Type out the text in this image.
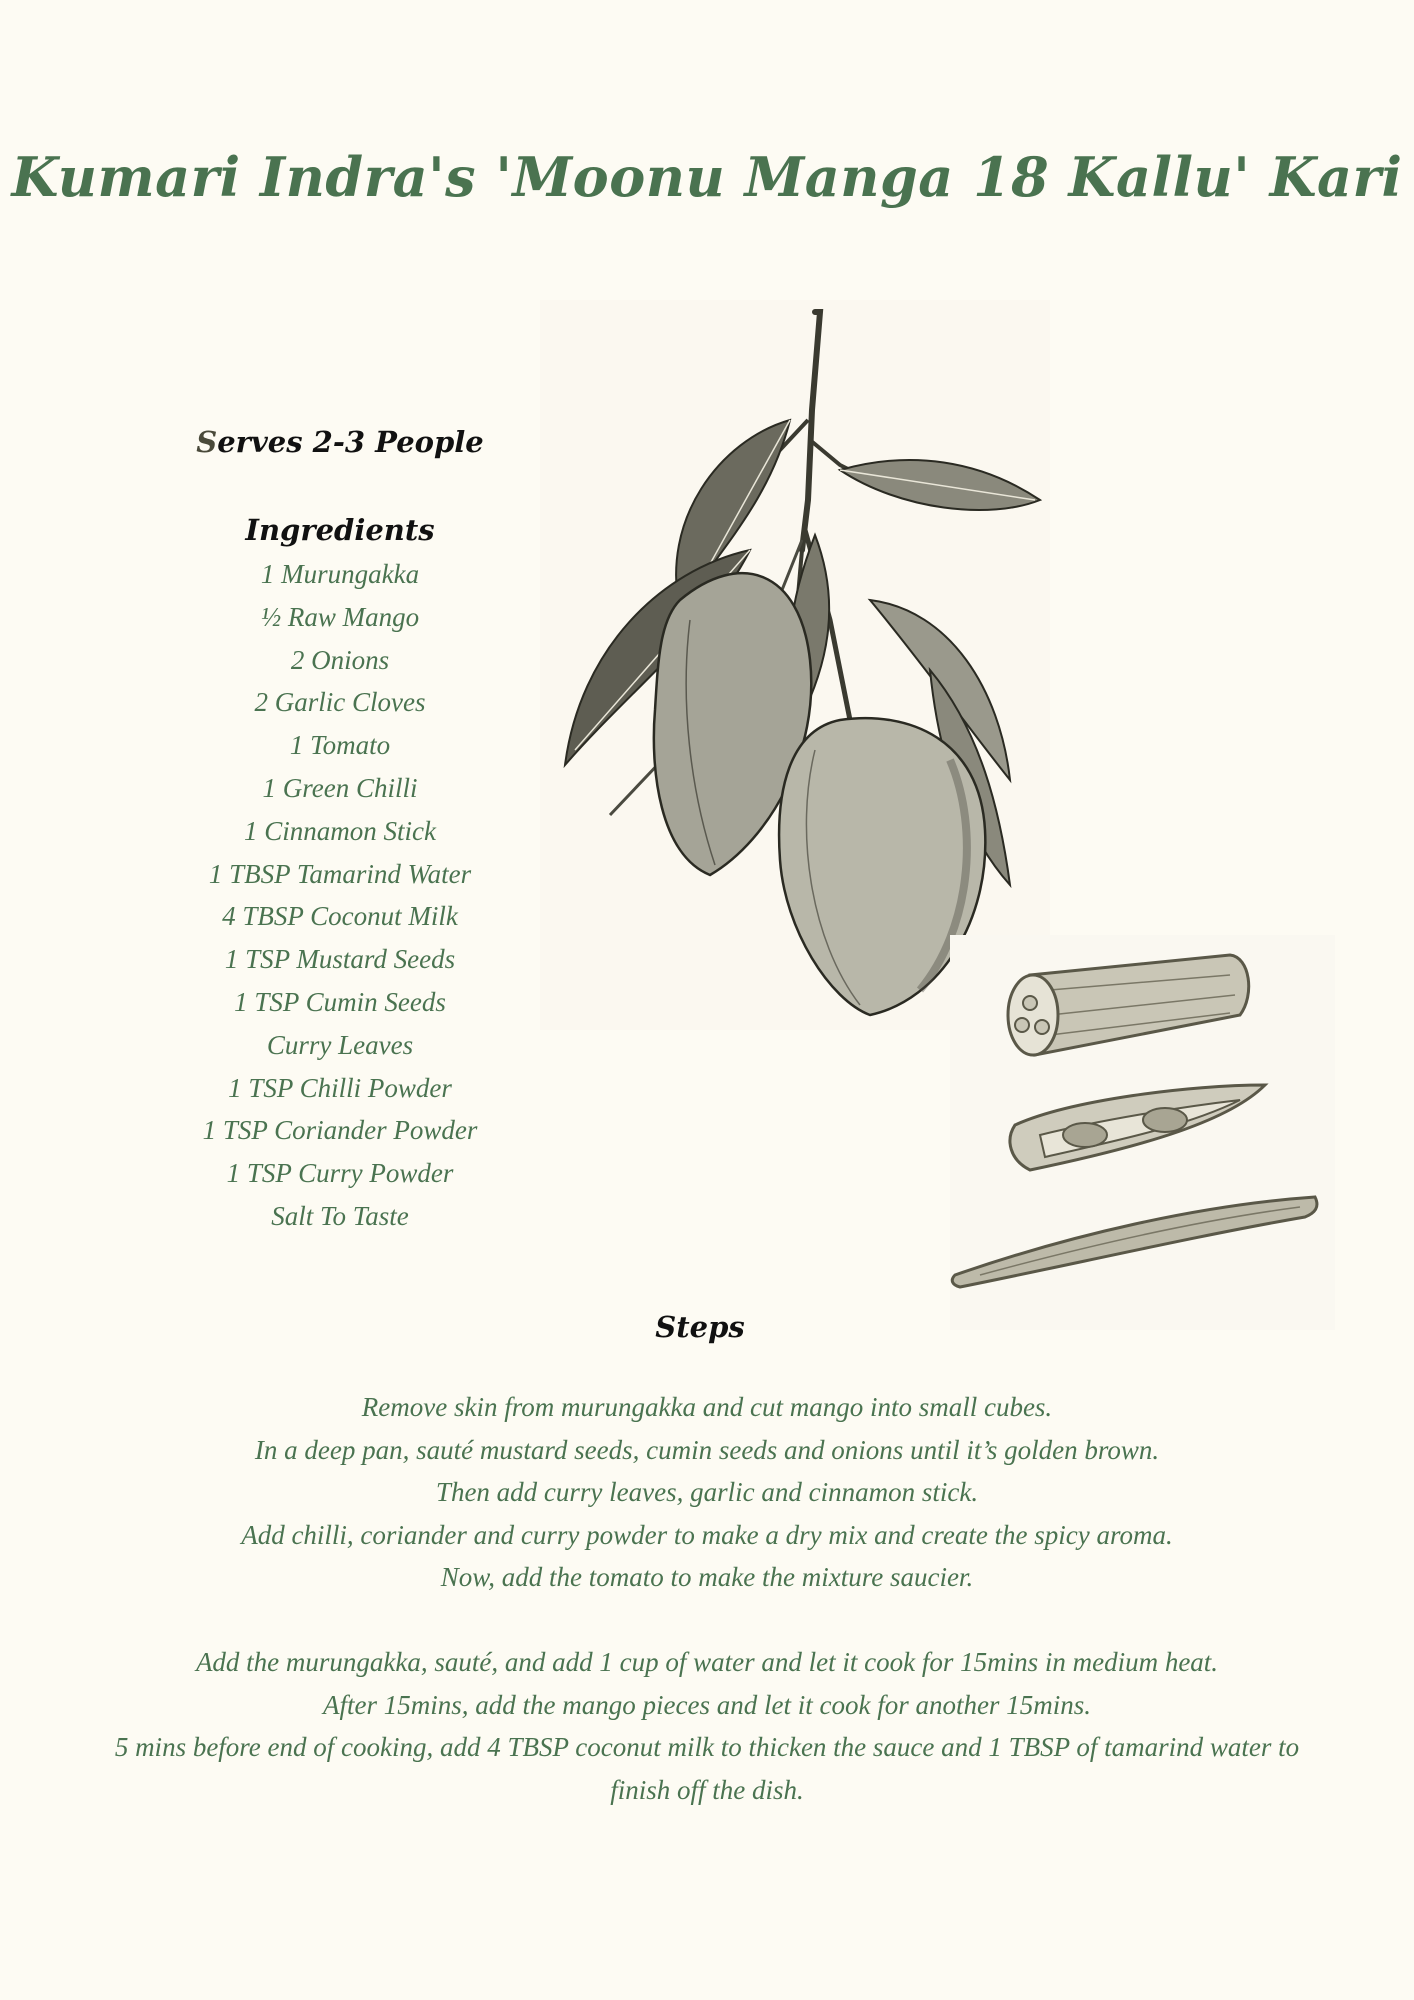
Kumari Indra's 'Moonu Manga 18 Kallu' Kari

Serves 2-3 People

Ingredients

1 Murungakka
½ Raw Mango
2 Onions
2 Garlic Cloves
1 Tomato
1 Green Chilli
1 Cinnamon Stick
1 TBSP Tamarind Water
4 TBSP Coconut Milk
1 TSP Mustard Seeds
1 TSP Cumin Seeds
Curry Leaves
1 TSP Chilli Powder
1 TSP Coriander Powder
1 TSP Curry Powder
Salt To Taste
Steps

Remove skin from murungakka and cut mango into small cubes.

In a deep pan, sauté mustard seeds, cumin seeds and onions until it’s golden brown.

Then add curry leaves, garlic and cinnamon stick.

Add chilli, coriander and curry powder to make a dry mix and create the spicy aroma.

Now, add the tomato to make the mixture saucier.

Add the murungakka, sauté, and add 1 cup of water and let it cook for 15mins in medium heat.

After 15mins, add the mango pieces and let it cook for another 15mins.

5 mins before end of cooking, add 4 TBSP coconut milk to thicken the sauce and 1 TBSP of tamarind water to

finish off the dish.
